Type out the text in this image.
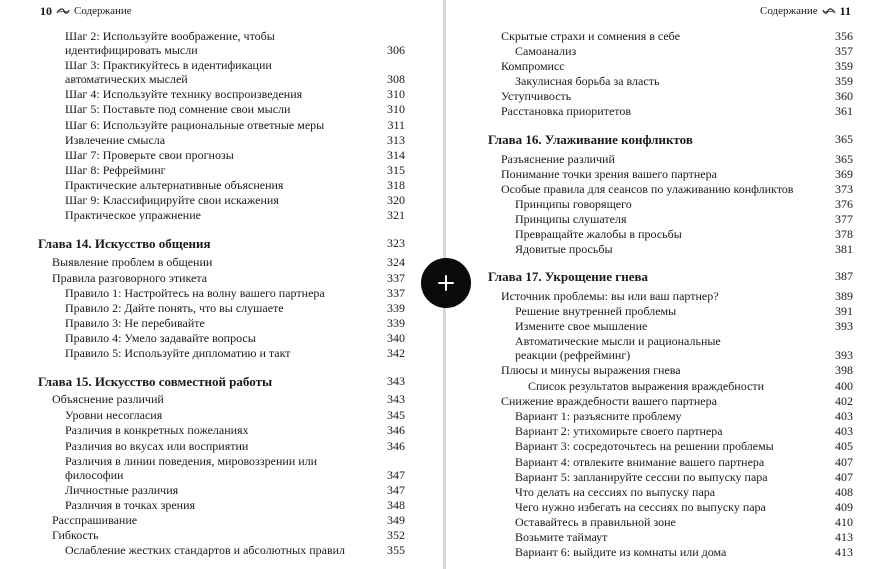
10 Содержание
Шаг 2: Используйте воображение, чтобы
идентифицировать мысли	306
Шаг 3: Практикуйтесь в идентификации
автоматических мыслей	308
Шаг 4: Используйте технику воспроизведения	310
Шаг 5: Поставьте под сомнение свои мысли	310
Шаг 6: Используйте рациональные ответные меры	311
Извлечение смысла	313
Шаг 7: Проверьте свои прогнозы	314
Шаг 8: Рефрейминг	315
Практические альтернативные объяснения	318
Шаг 9: Классифицируйте свои искажения	320
Практическое упражнение	321
Глава 14. Искусство общения	323
Выявление проблем в общении	324
Правила разговорного этикета	337
Правило 1: Настройтесь на волну вашего партнера	337
Правило 2: Дайте понять, что вы слушаете	339
Правило 3: Не перебивайте	339
Правило 4: Умело задавайте вопросы	340
Правило 5: Используйте дипломатию и такт	342
Глава 15. Искусство совместной работы	343
Объяснение различий	343
Уровни несогласия	345
Различия в конкретных пожеланиях	346
Различия во вкусах или восприятии	346
Различия в линии поведения, мировоззрении или
философии	347
Личностные различия	347
Различия в точках зрения	348
Расспрашивание	349
Гибкость	352
Ослабление жестких стандартов и абсолютных правил	355
Содержание 11
Скрытые страхи и сомнения в себе	356
Самоанализ	357
Компромисс	359
Закулисная борьба за власть	359
Уступчивость	360
Расстановка приоритетов	361
Глава 16. Улаживание конфликтов	365
Разъяснение различий	365
Понимание точки зрения вашего партнера	369
Особые правила для сеансов по улаживанию конфликтов	373
Принципы говорящего	376
Принципы слушателя	377
Превращайте жалобы в просьбы	378
Ядовитые просьбы	381
Глава 17. Укрощение гнева	387
Источник проблемы: вы или ваш партнер?	389
Решение внутренней проблемы	391
Измените свое мышление	393
Автоматические мысли и рациональные
реакции (рефрейминг)	393
Плюсы и минусы выражения гнева	398
Список результатов выражения враждебности	400
Снижение враждебности вашего партнера	402
Вариант 1: разъясните проблему	403
Вариант 2: утихомирьте своего партнера	403
Вариант 3: сосредоточьтесь на решении проблемы	405
Вариант 4: отвлеките внимание вашего партнера	407
Вариант 5: запланируйте сессии по выпуску пара	407
Что делать на сессиях по выпуску пара	408
Чего нужно избегать на сессиях по выпуску пара	409
Оставайтесь в правильной зоне	410
Возьмите таймаут	413
Вариант 6: выйдите из комнаты или дома	413
